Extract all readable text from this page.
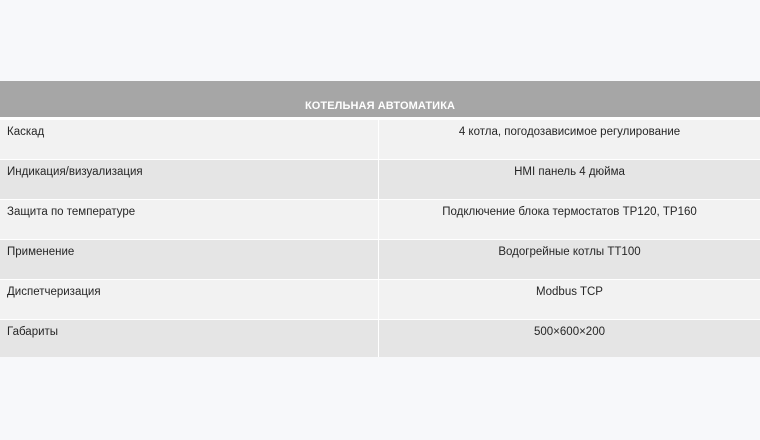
КОТЕЛЬНАЯ АВТОМАТИКА
Каскад	4 котла, погодозависимое регулирование
Индикация/визуализация	HMI панель 4 дюйма
Защита по температуре	Подключение блока термостатов ТР120, ТР160
Применение	Водогрейные котлы ТТ100
Диспетчеризация	Modbus TCP
Габариты	500×600×200
